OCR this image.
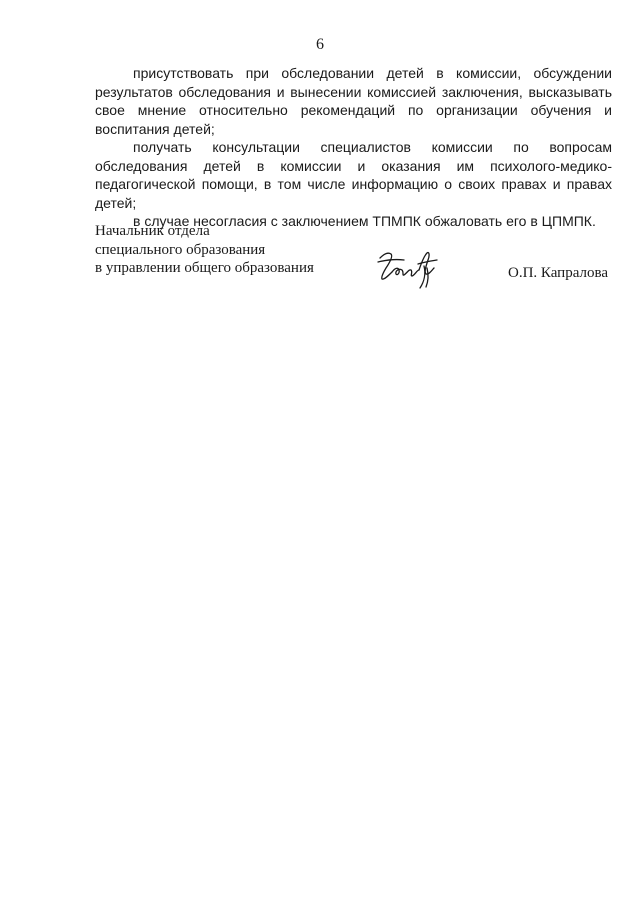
6

присутствовать при обследовании детей в комиссии, обсуждении результатов обследования и вынесении комиссией заключения, высказывать свое мнение относительно рекомендаций по организации обучения и воспитания детей;

получать консультации специалистов комиссии по вопросам обследования детей в комиссии и оказания им психолого-медико-педагогической помощи, в том числе информацию о своих правах и правах детей;

в случае несогласия с заключением ТПМПК обжаловать его в ЦПМПК.

Начальник отдела
специального образования
в управлении общего образования	О.П. Капралова
